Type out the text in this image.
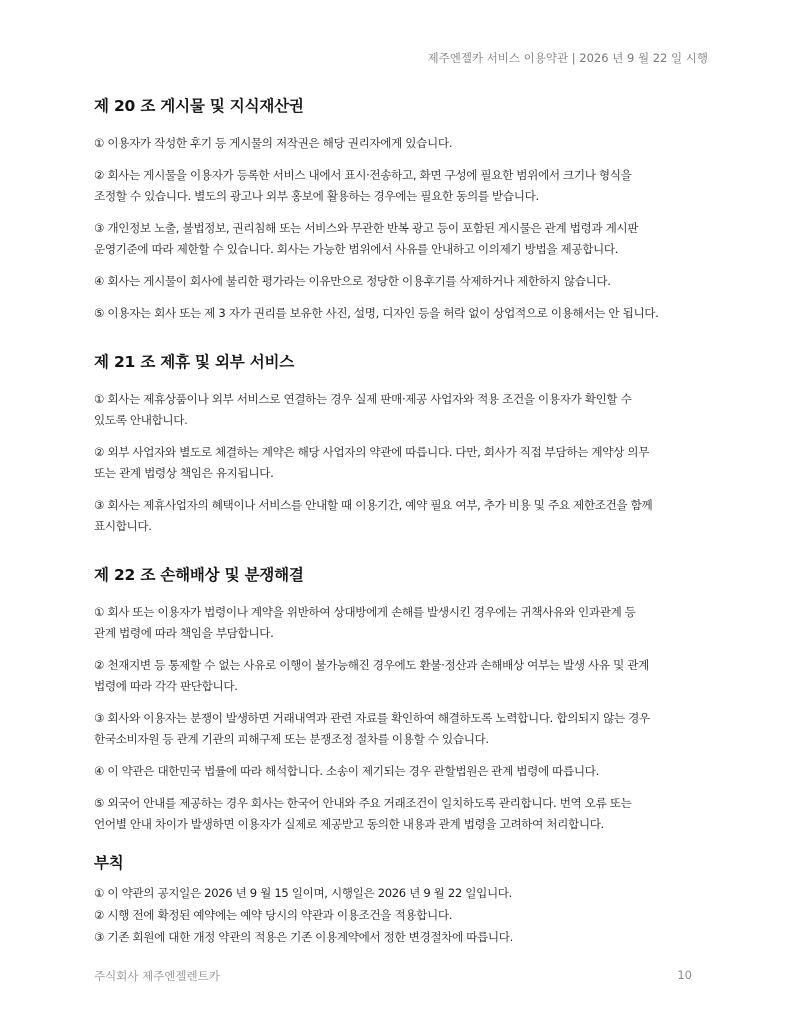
제주엔젤카 서비스 이용약관 | 2026 년 9 월 22 일 시행
제 20 조 게시물 및 지식재산권

① 이용자가 작성한 후기 등 게시물의 저작권은 해당 권리자에게 있습니다.

② 회사는 게시물을 이용자가 등록한 서비스 내에서 표시·전송하고, 화면 구성에 필요한 범위에서 크기나 형식을
조정할 수 있습니다. 별도의 광고나 외부 홍보에 활용하는 경우에는 필요한 동의를 받습니다.

③ 개인정보 노출, 불법정보, 권리침해 또는 서비스와 무관한 반복 광고 등이 포함된 게시물은 관계 법령과 게시판
운영기준에 따라 제한할 수 있습니다. 회사는 가능한 범위에서 사유를 안내하고 이의제기 방법을 제공합니다.

④ 회사는 게시물이 회사에 불리한 평가라는 이유만으로 정당한 이용후기를 삭제하거나 제한하지 않습니다.

⑤ 이용자는 회사 또는 제 3 자가 권리를 보유한 사진, 설명, 디자인 등을 허락 없이 상업적으로 이용해서는 안 됩니다.

제 21 조 제휴 및 외부 서비스

① 회사는 제휴상품이나 외부 서비스로 연결하는 경우 실제 판매·제공 사업자와 적용 조건을 이용자가 확인할 수
있도록 안내합니다.

② 외부 사업자와 별도로 체결하는 계약은 해당 사업자의 약관에 따릅니다. 다만, 회사가 직접 부담하는 계약상 의무
또는 관계 법령상 책임은 유지됩니다.

③ 회사는 제휴사업자의 혜택이나 서비스를 안내할 때 이용기간, 예약 필요 여부, 추가 비용 및 주요 제한조건을 함께
표시합니다.

제 22 조 손해배상 및 분쟁해결

① 회사 또는 이용자가 법령이나 계약을 위반하여 상대방에게 손해를 발생시킨 경우에는 귀책사유와 인과관계 등
관계 법령에 따라 책임을 부담합니다.

② 천재지변 등 통제할 수 없는 사유로 이행이 불가능해진 경우에도 환불·정산과 손해배상 여부는 발생 사유 및 관계
법령에 따라 각각 판단합니다.

③ 회사와 이용자는 분쟁이 발생하면 거래내역과 관련 자료를 확인하여 해결하도록 노력합니다. 합의되지 않는 경우
한국소비자원 등 관계 기관의 피해구제 또는 분쟁조정 절차를 이용할 수 있습니다.

④ 이 약관은 대한민국 법률에 따라 해석합니다. 소송이 제기되는 경우 관할법원은 관계 법령에 따릅니다.

⑤ 외국어 안내를 제공하는 경우 회사는 한국어 안내와 주요 거래조건이 일치하도록 관리합니다. 번역 오류 또는
언어별 안내 차이가 발생하면 이용자가 실제로 제공받고 동의한 내용과 관계 법령을 고려하여 처리합니다.

부칙

① 이 약관의 공지일은 2026 년 9 월 15 일이며, 시행일은 2026 년 9 월 22 일입니다.

② 시행 전에 확정된 예약에는 예약 당시의 약관과 이용조건을 적용합니다.

③ 기존 회원에 대한 개정 약관의 적용은 기존 이용계약에서 정한 변경절차에 따릅니다.

주식회사 제주엔젤렌트카	10
